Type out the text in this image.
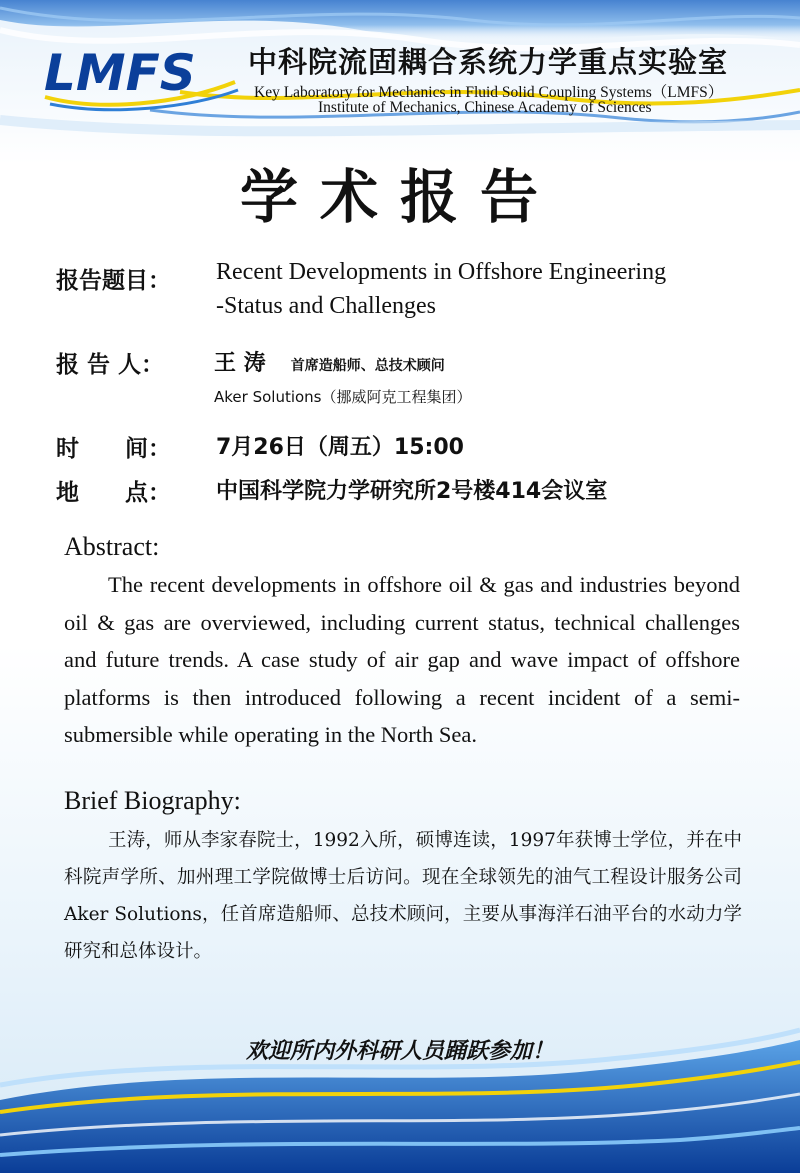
LMFS 中科院流固耦合系统力学重点实验室
Key Laboratory for Mechanics in Fluid Solid Coupling Systems（LMFS）
Institute of Mechanics, Chinese Academy of Sciences
学术报告
报告题目： Recent Developments in Offshore Engineering
-Status and Challenges
报 告 人： 王 涛 首席造船师、总技术顾问
Aker Solutions（挪威阿克工程集团）
时　　间： 7月26日（周五）15:00
地　　点： 中国科学院力学研究所2号楼414会议室
Abstract:
The recent developments in offshore oil & gas and industries beyond oil & gas are overviewed, including current status, technical challenges and future trends. A case study of air gap and wave impact of offshore platforms is then introduced following a recent incident of a semi-submersible while operating in the North Sea.
Brief Biography:
王涛，师从李家春院士，1992入所，硕博连读，1997年获博士学位，并在中科院声学所、加州理工学院做博士后访问。现在全球领先的油气工程设计服务公司 Aker Solutions，任首席造船师、总技术顾问，主要从事海洋石油平台的水动力学研究和总体设计。
欢迎所内外科研人员踊跃参加！
